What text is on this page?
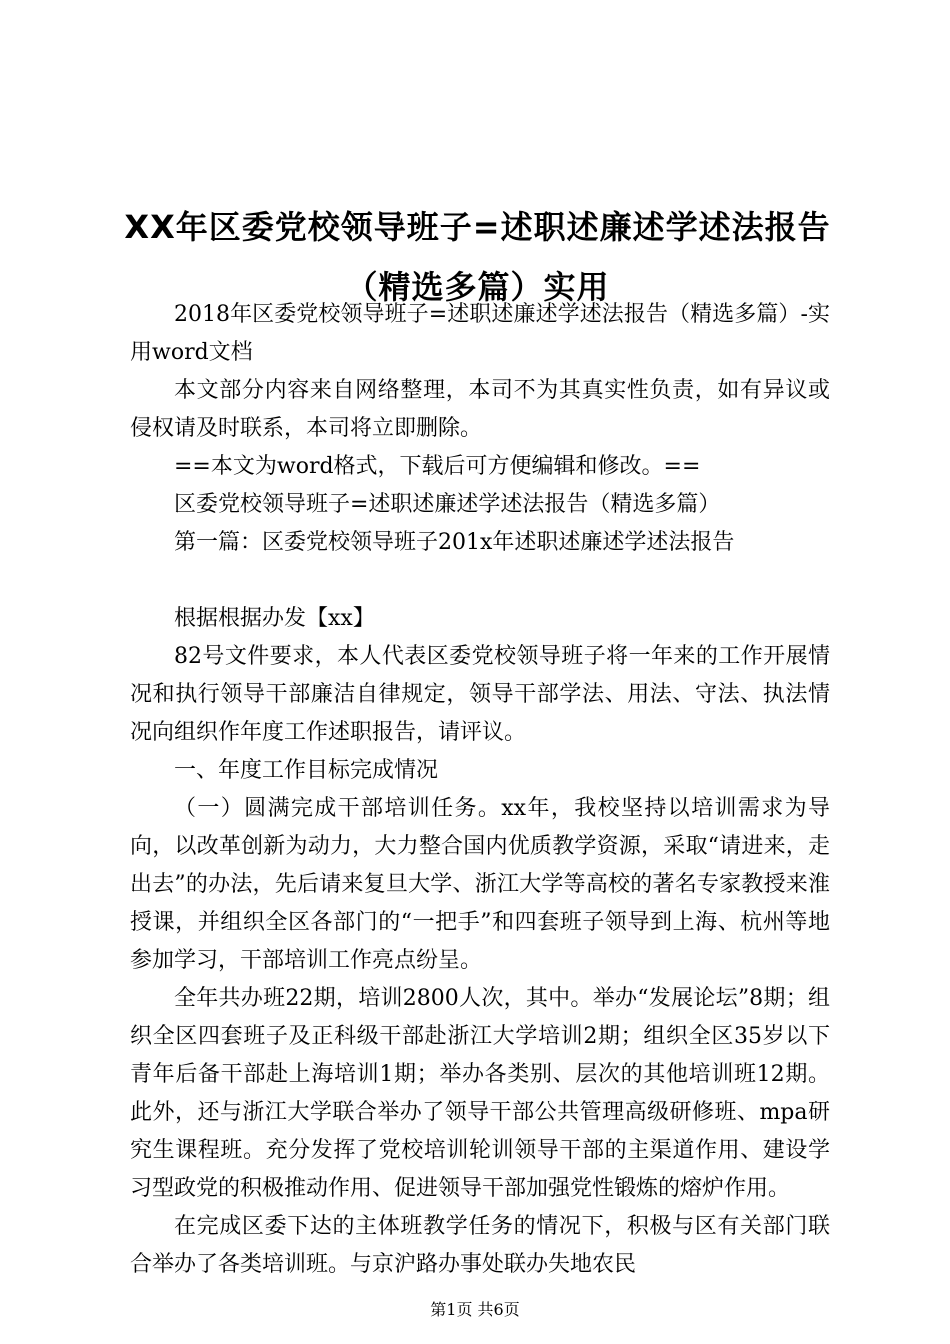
XX年区委党校领导班子=述职述廉述学述法报告（精选多篇）实用

2018年区委党校领导班子=述职述廉述学述法报告（精选多篇）-实用word文档

本文部分内容来自网络整理，本司不为其真实性负责，如有异议或侵权请及时联系，本司将立即删除。

==本文为word格式，下载后可方便编辑和修改。==

区委党校领导班子=述职述廉述学述法报告（精选多篇）

第一篇：区委党校领导班子201x年述职述廉述学述法报告

根据根据办发【xx】

82号文件要求，本人代表区委党校领导班子将一年来的工作开展情况和执行领导干部廉洁自律规定，领导干部学法、用法、守法、执法情况向组织作年度工作述职报告，请评议。

一、年度工作目标完成情况

（一）圆满完成干部培训任务。xx年，我校坚持以培训需求为导向，以改革创新为动力，大力整合国内优质教学资源，采取“请进来，走出去”的办法，先后请来复旦大学、浙江大学等高校的著名专家教授来淮授课，并组织全区各部门的“一把手”和四套班子领导到上海、杭州等地参加学习，干部培训工作亮点纷呈。

全年共办班22期，培训2800人次，其中。举办“发展论坛”8期；组织全区四套班子及正科级干部赴浙江大学培训2期；组织全区35岁以下青年后备干部赴上海培训1期；举办各类别、层次的其他培训班12期。此外，还与浙江大学联合举办了领导干部公共管理高级研修班、mpa研究生课程班。充分发挥了党校培训轮训领导干部的主渠道作用、建设学习型政党的积极推动作用、促进领导干部加强党性锻炼的熔炉作用。

在完成区委下达的主体班教学任务的情况下，积极与区有关部门联合举办了各类培训班。与京沪路办事处联办失地农民

第1页 共6页
